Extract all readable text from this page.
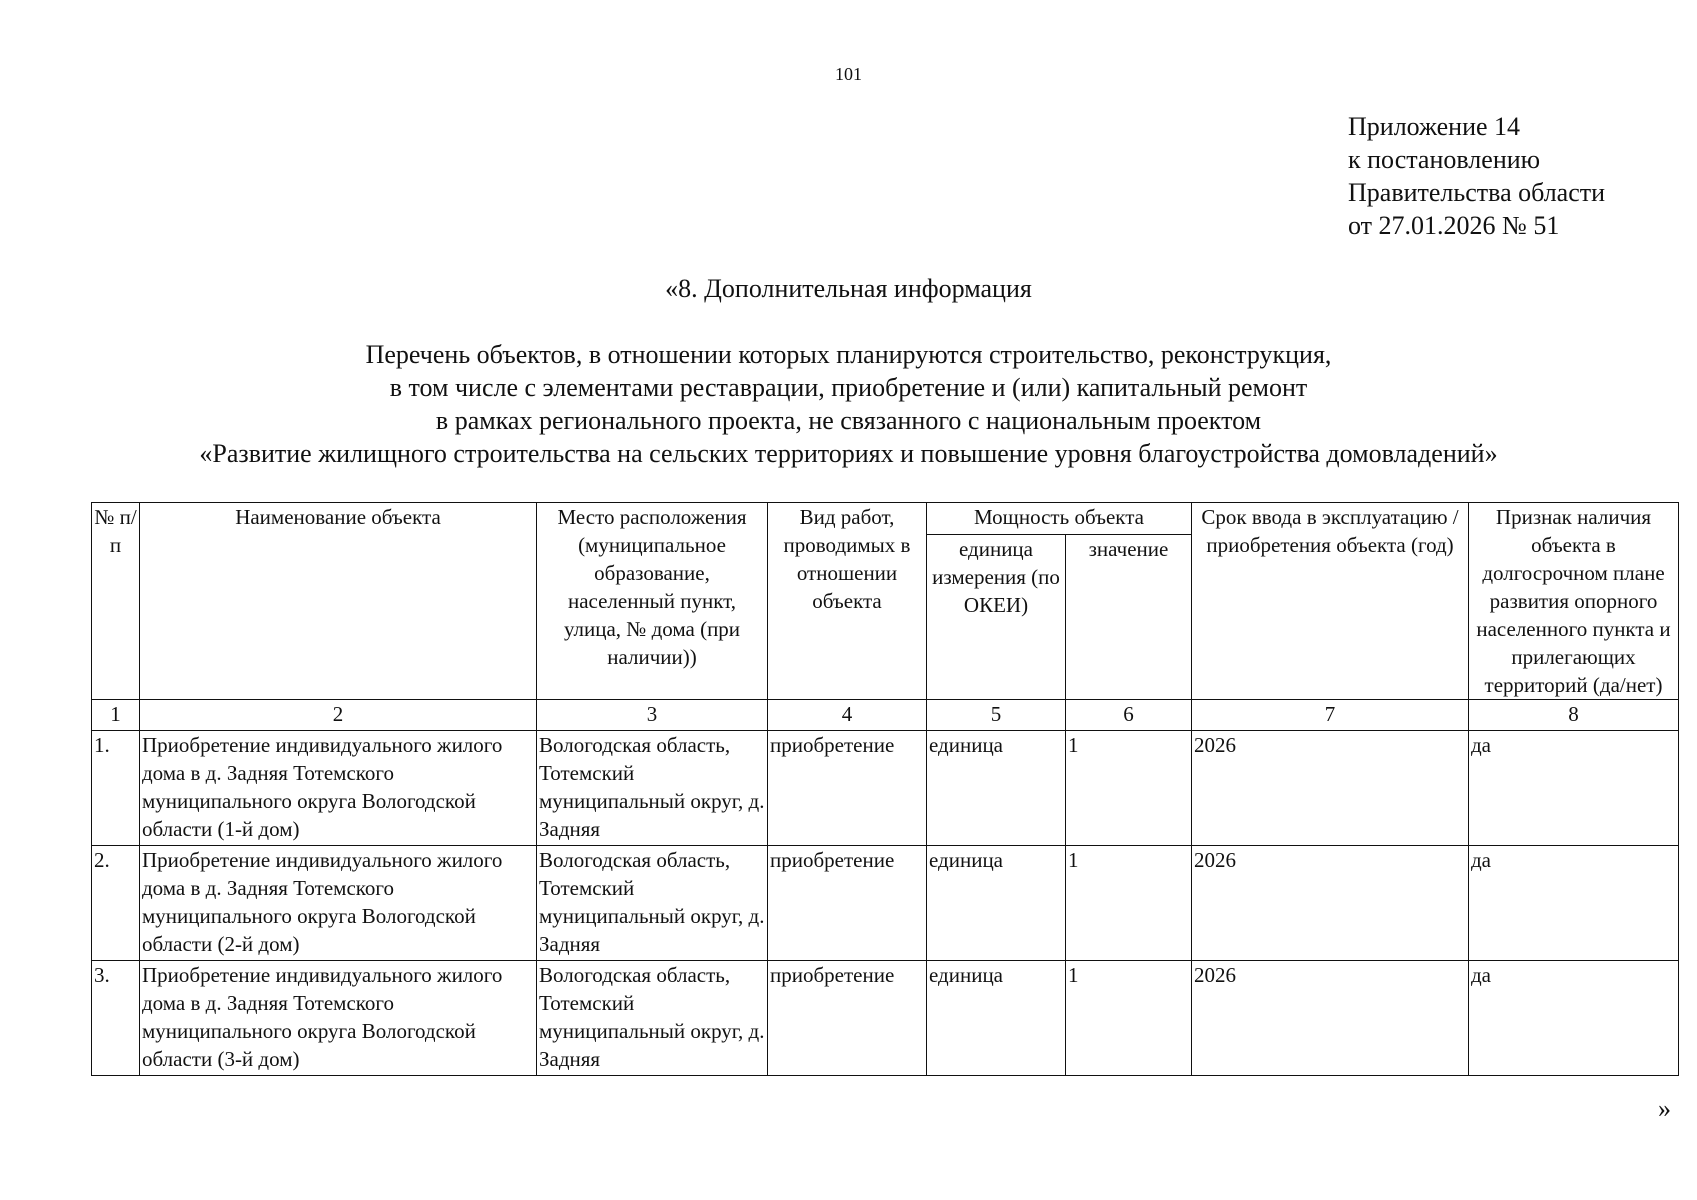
101
Приложение 14
к постановлению
Правительства области
от 27.01.2026 № 51
«8. Дополнительная информация
Перечень объектов, в отношении которых планируются строительство, реконструкция,
в том числе с элементами реставрации, приобретение и (или) капитальный ремонт
в рамках регионального проекта, не связанного с национальным проектом
«Развитие жилищного строительства на сельских территориях и повышение уровня благоустройства домовладений»
№ п/п	Наименование объекта	Место расположения (муниципальное образование, населенный пункт, улица, № дома (при наличии))	Вид работ, проводимых в отношении объекта	Мощность объекта		Срок ввода в эксплуатацию / приобретения объекта (год)	Признак наличия объекта в долгосрочном плане развития опорного населенного пункта и прилегающих территорий (да/нет)
				единица измерения (по ОКЕИ)	значение		
1	2	3	4	5	6	7	8
1.	Приобретение индивидуального жилого дома в д. Задняя Тотемского муниципального округа Вологодской области (1-й дом)	Вологодская область, Тотемский муниципальный округ, д. Задняя	приобретение	единица	1	2026	да
2.	Приобретение индивидуального жилого дома в д. Задняя Тотемского муниципального округа Вологодской области (2-й дом)	Вологодская область, Тотемский муниципальный округ, д. Задняя	приобретение	единица	1	2026	да
3.	Приобретение индивидуального жилого дома в д. Задняя Тотемского муниципального округа Вологодской области (3-й дом)	Вологодская область, Тотемский муниципальный округ, д. Задняя	приобретение	единица	1	2026	да
»
